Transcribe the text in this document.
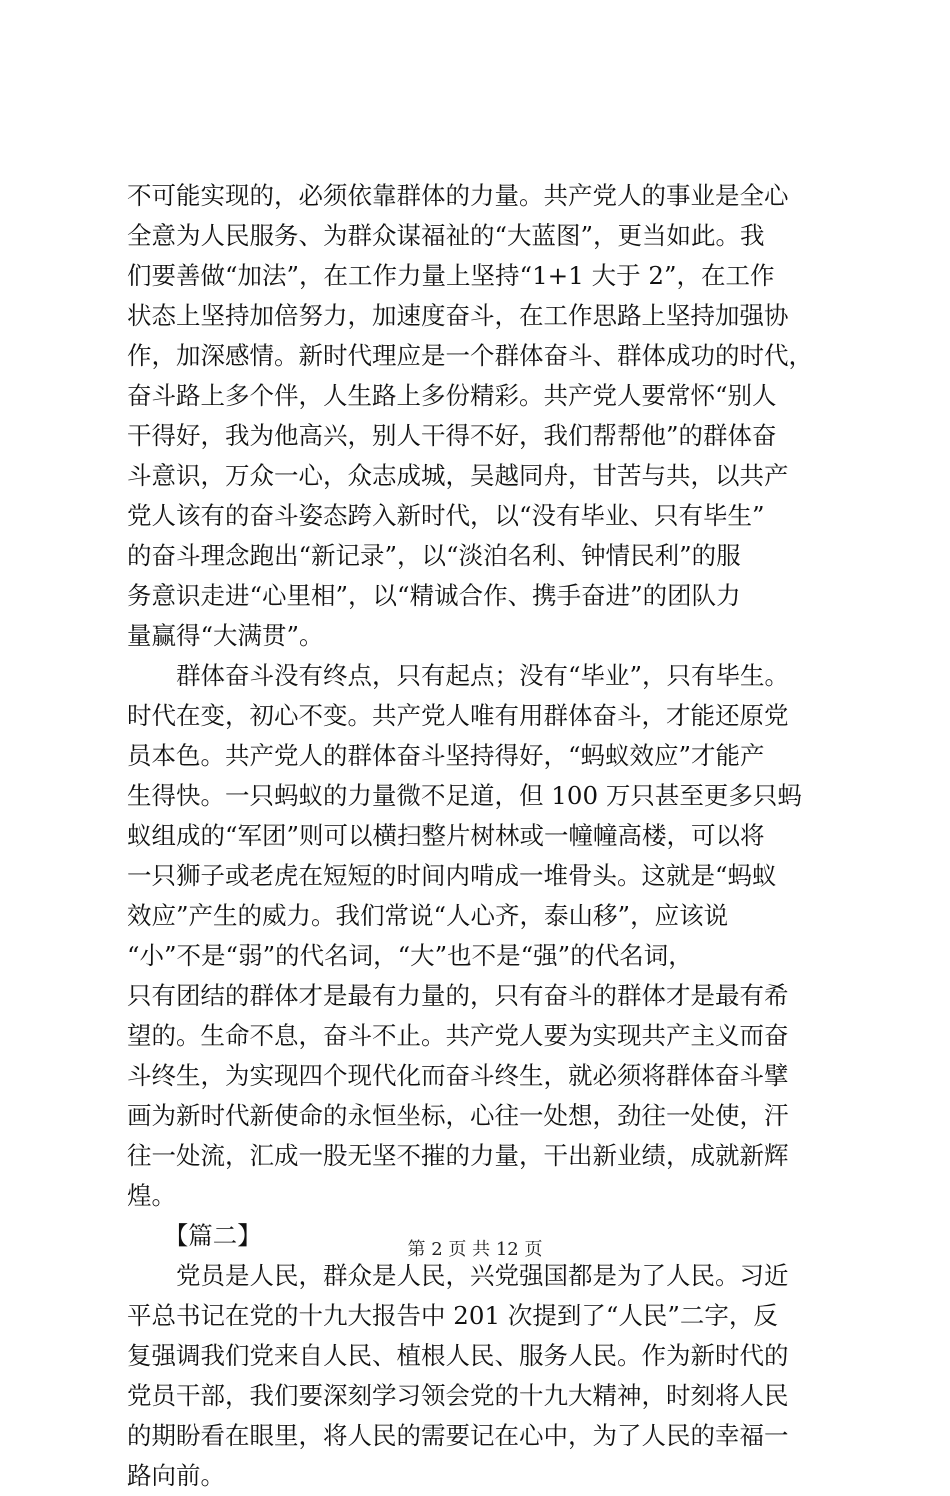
不可能实现的，必须依靠群体的力量。共产党人的事业是全心
全意为人民服务、为群众谋福祉的“大蓝图”，更当如此。我
们要善做“加法”，在工作力量上坚持“1+1 大于 2”，在工作
状态上坚持加倍努力，加速度奋斗，在工作思路上坚持加强协
作，加深感情。新时代理应是一个群体奋斗、群体成功的时代，
奋斗路上多个伴，人生路上多份精彩。共产党人要常怀“别人
干得好，我为他高兴，别人干得不好，我们帮帮他”的群体奋
斗意识，万众一心，众志成城，吴越同舟，甘苦与共，以共产
党人该有的奋斗姿态跨入新时代，以“没有毕业、只有毕生”
的奋斗理念跑出“新记录”，以“淡泊名利、钟情民利”的服
务意识走进“心里相”，以“精诚合作、携手奋进”的团队力
量赢得“大满贯”。
　　群体奋斗没有终点，只有起点；没有“毕业”，只有毕生。
时代在变，初心不变。共产党人唯有用群体奋斗，才能还原党
员本色。共产党人的群体奋斗坚持得好，“蚂蚁效应”才能产
生得快。一只蚂蚁的力量微不足道，但 100 万只甚至更多只蚂
蚁组成的“军团”则可以横扫整片树林或一幢幢高楼，可以将
一只狮子或老虎在短短的时间内啃成一堆骨头。这就是“蚂蚁
效应”产生的威力。我们常说“人心齐，泰山移”，应该说
“小”不是“弱”的代名词，“大”也不是“强”的代名词，
只有团结的群体才是最有力量的，只有奋斗的群体才是最有希
望的。生命不息，奋斗不止。共产党人要为实现共产主义而奋
斗终生，为实现四个现代化而奋斗终生，就必须将群体奋斗擘
画为新时代新使命的永恒坐标，心往一处想，劲往一处使，汗
往一处流，汇成一股无坚不摧的力量，干出新业绩，成就新辉
煌。
　　【篇二】
　　党员是人民，群众是人民，兴党强国都是为了人民。习近
平总书记在党的十九大报告中 201 次提到了“人民”二字，反
复强调我们党来自人民、植根人民、服务人民。作为新时代的
党员干部，我们要深刻学习领会党的十九大精神，时刻将人民
的期盼看在眼里，将人民的需要记在心中，为了人民的幸福一
路向前。
第 2 页 共 12 页
